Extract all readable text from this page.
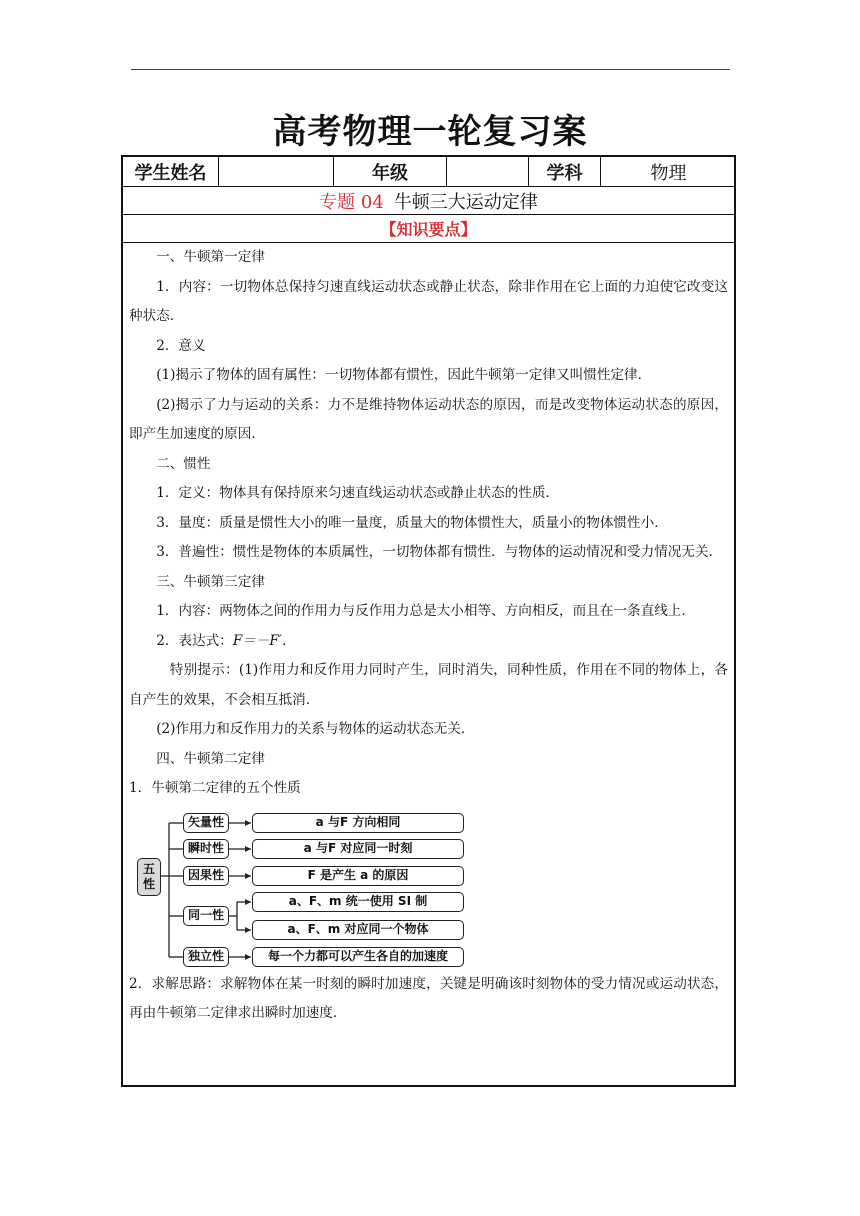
高考物理一轮复习案
学生姓名	年级	学科	物理
专题 04 牛顿三大运动定律
【知识要点】

一、牛顿第一定律

1．内容：一切物体总保持匀速直线运动状态或静止状态，除非作用在它上面的力迫使它改变这种状态．

2．意义

(1)揭示了物体的固有属性：一切物体都有惯性，因此牛顿第一定律又叫惯性定律．

(2)揭示了力与运动的关系：力不是维持物体运动状态的原因，而是改变物体运动状态的原因，即产生加速度的原因．

二、惯性

1．定义：物体具有保持原来匀速直线运动状态或静止状态的性质．

3．量度：质量是惯性大小的唯一量度，质量大的物体惯性大，质量小的物体惯性小．

3．普遍性：惯性是物体的本质属性，一切物体都有惯性．与物体的运动情况和受力情况无关．

三、牛顿第三定律

1．内容：两物体之间的作用力与反作用力总是大小相等、方向相反，而且在一条直线上．

2．表达式：F＝－F′．

特别提示：(1)作用力和反作用力同时产生，同时消失，同种性质，作用在不同的物体上，各自产生的效果，不会相互抵消．

(2)作用力和反作用力的关系与物体的运动状态无关．

四、牛顿第二定律

1．牛顿第二定律的五个性质

五
性
矢量性
瞬时性
因果性
同一性
独立性
a 与F 方向相同
a 与F 对应同一时刻
F 是产生 a 的原因
a、F、m 统一使用 SI 制
a、F、m 对应同一个物体
每一个力都可以产生各自的加速度

2．求解思路：求解物体在某一时刻的瞬时加速度，关键是明确该时刻物体的受力情况或运动状态，再由牛顿第二定律求出瞬时加速度．
